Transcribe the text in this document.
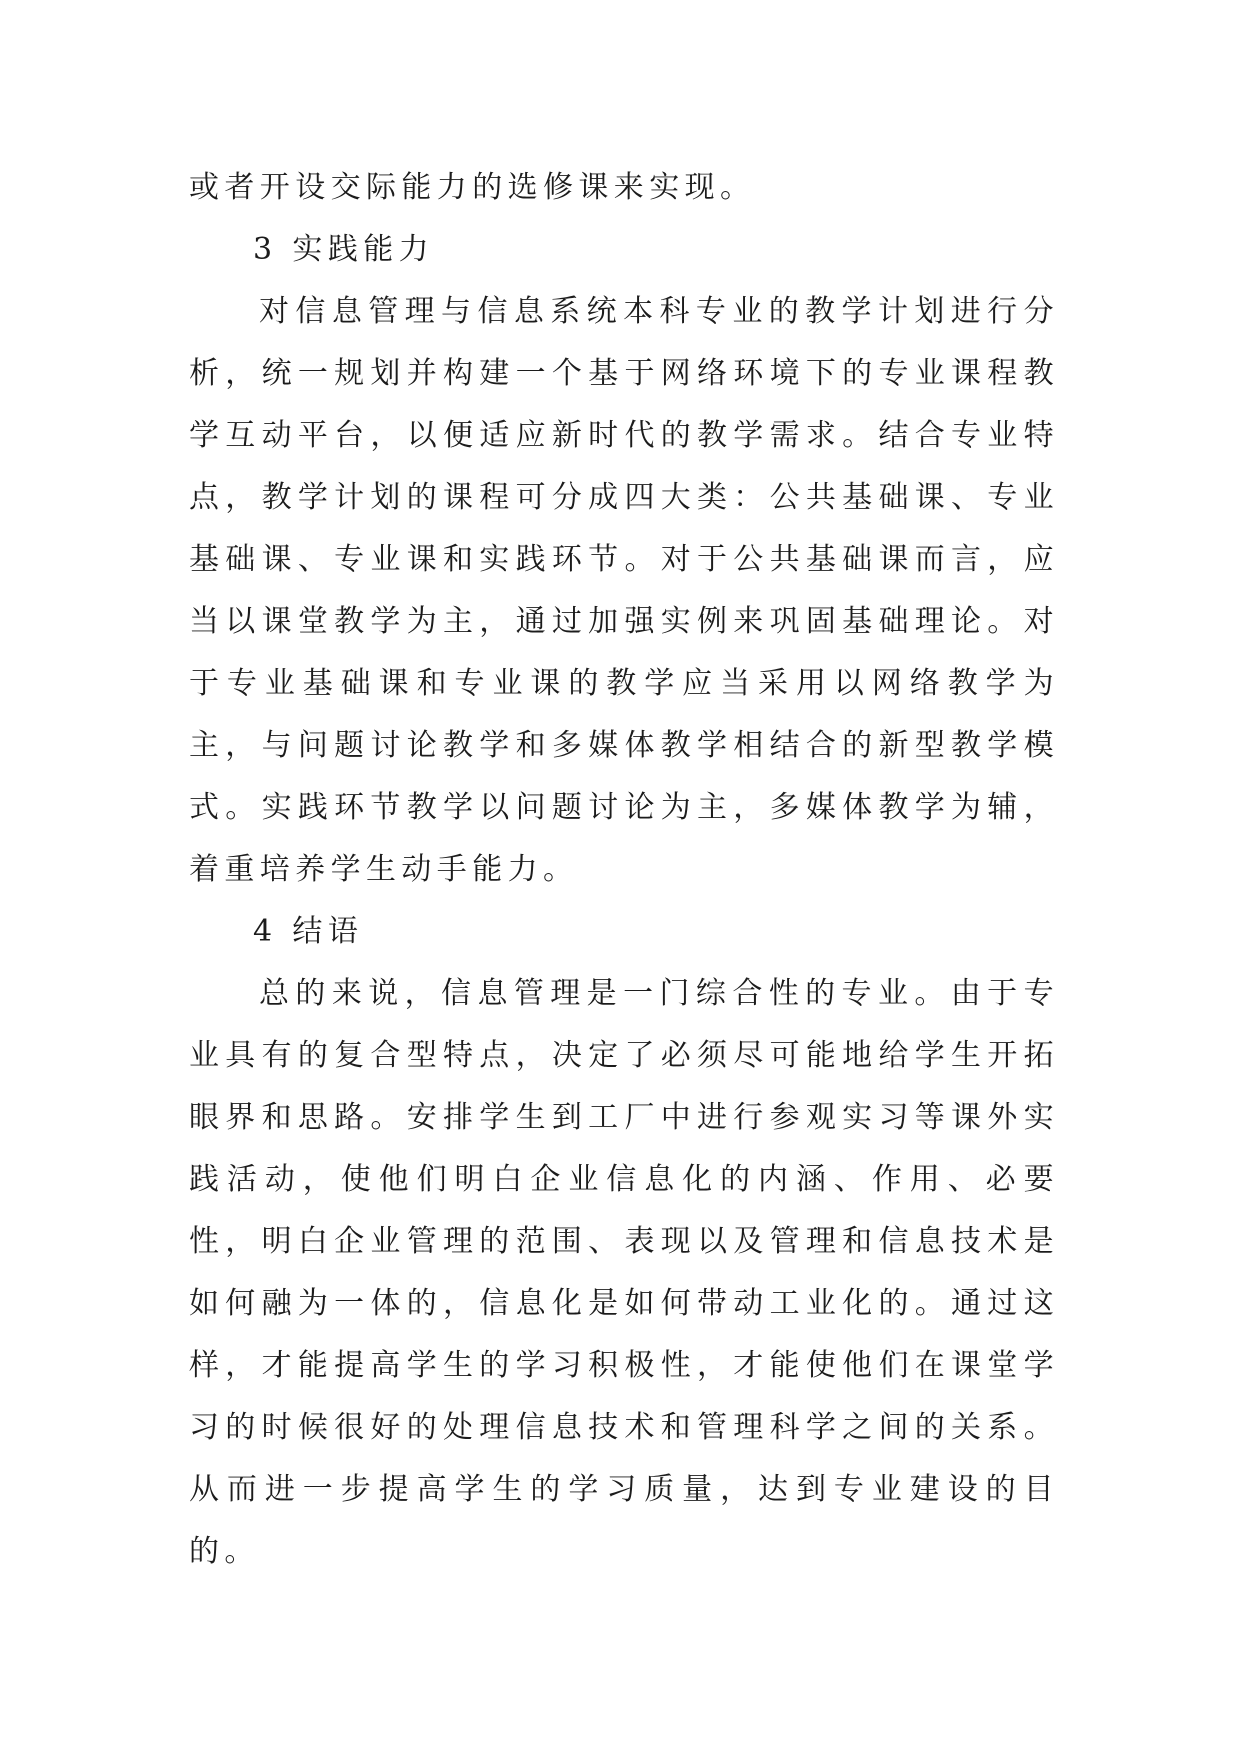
或者开设交际能力的选修课来实现。

3 实践能力

对信息管理与信息系统本科专业的教学计划进行分析，统一规划并构建一个基于网络环境下的专业课程教学互动平台，以便适应新时代的教学需求。结合专业特点，教学计划的课程可分成四大类：公共基础课、专业基础课、专业课和实践环节。对于公共基础课而言，应当以课堂教学为主，通过加强实例来巩固基础理论。对于专业基础课和专业课的教学应当采用以网络教学为主，与问题讨论教学和多媒体教学相结合的新型教学模式。实践环节教学以问题讨论为主，多媒体教学为辅，着重培养学生动手能力。

4 结语

总的来说，信息管理是一门综合性的专业。由于专业具有的复合型特点，决定了必须尽可能地给学生开拓眼界和思路。安排学生到工厂中进行参观实习等课外实践活动，使他们明白企业信息化的内涵、作用、必要性，明白企业管理的范围、表现以及管理和信息技术是如何融为一体的，信息化是如何带动工业化的。通过这样，才能提高学生的学习积极性，才能使他们在课堂学习的时候很好的处理信息技术和管理科学之间的关系。从而进一步提高学生的学习质量，达到专业建设的目的。
